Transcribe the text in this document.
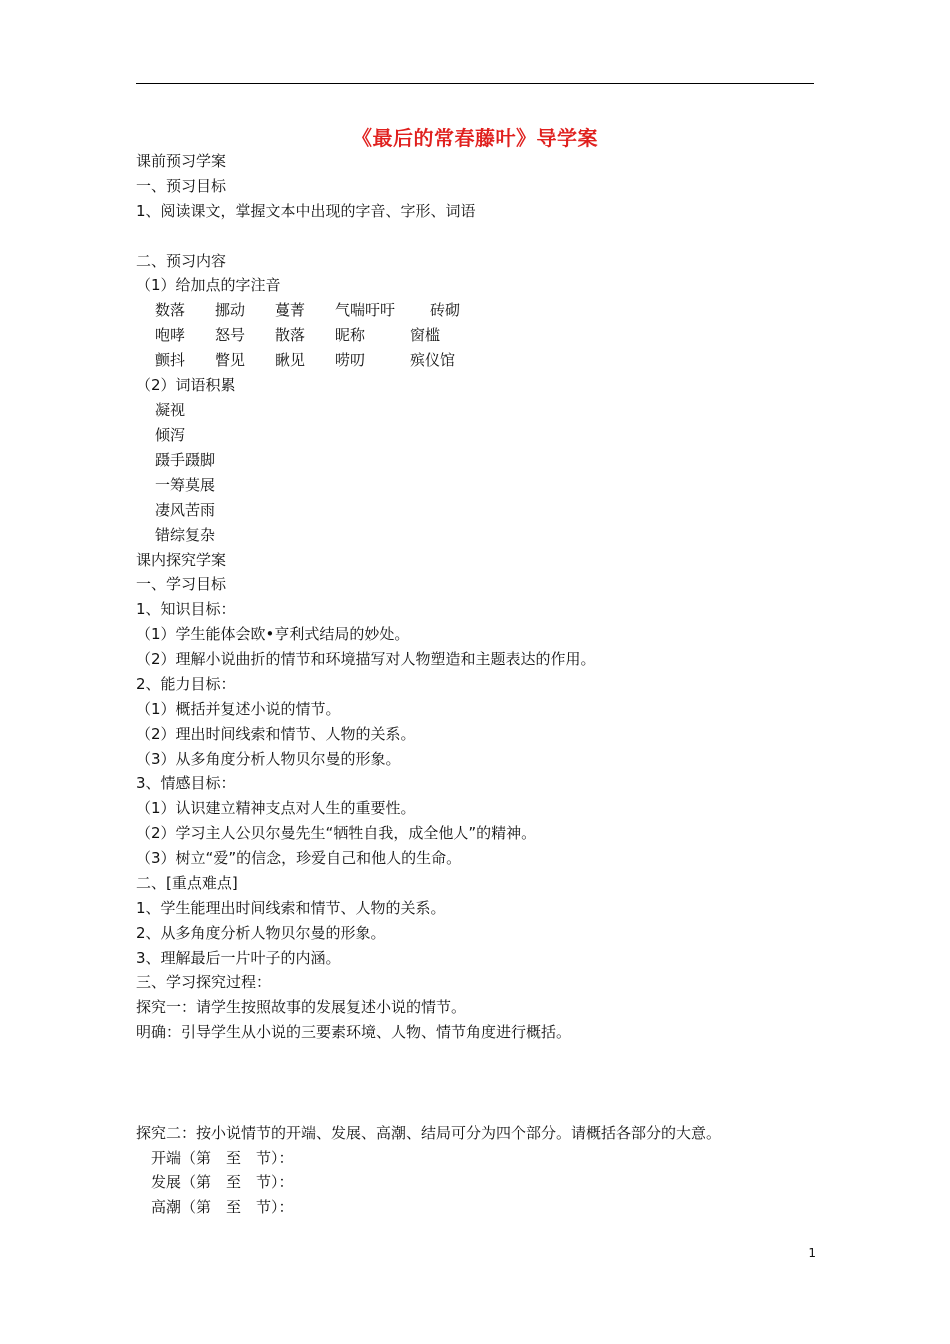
《最后的常春藤叶》导学案
课前预习学案
一、预习目标
1、阅读课文，掌握文本中出现的字音、字形、词语
二、预习内容
（1）给加点的字注音
数落 挪动 蔓菁 气喘吁吁 砖砌
咆哮 怒号 散落 昵称	窗槛
颤抖 瞥见 瞅见 唠叨	殡仪馆
（2）词语积累
凝视
倾泻
蹑手蹑脚
一筹莫展
凄风苦雨
错综复杂
课内探究学案
一、学习目标
1、知识目标：
（1）学生能体会欧•亨利式结局的妙处。
（2）理解小说曲折的情节和环境描写对人物塑造和主题表达的作用。
2、能力目标：
（1）概括并复述小说的情节。
（2）理出时间线索和情节、人物的关系。
（3）从多角度分析人物贝尔曼的形象。
3、情感目标：
（1）认识建立精神支点对人生的重要性。
（2）学习主人公贝尔曼先生“牺牲自我，成全他人”的精神。
（3）树立“爱”的信念，珍爱自己和他人的生命。
二、[重点难点]
1、学生能理出时间线索和情节、人物的关系。
2、从多角度分析人物贝尔曼的形象。
3、理解最后一片叶子的内涵。
三、学习探究过程：
探究一：请学生按照故事的发展复述小说的情节。
明确：引导学生从小说的三要素环境、人物、情节角度进行概括。
探究二：按小说情节的开端、发展、高潮、结局可分为四个部分。请概括各部分的大意。
开端（第　至　节）：
发展（第　至　节）：
高潮（第　至　节）：
1
